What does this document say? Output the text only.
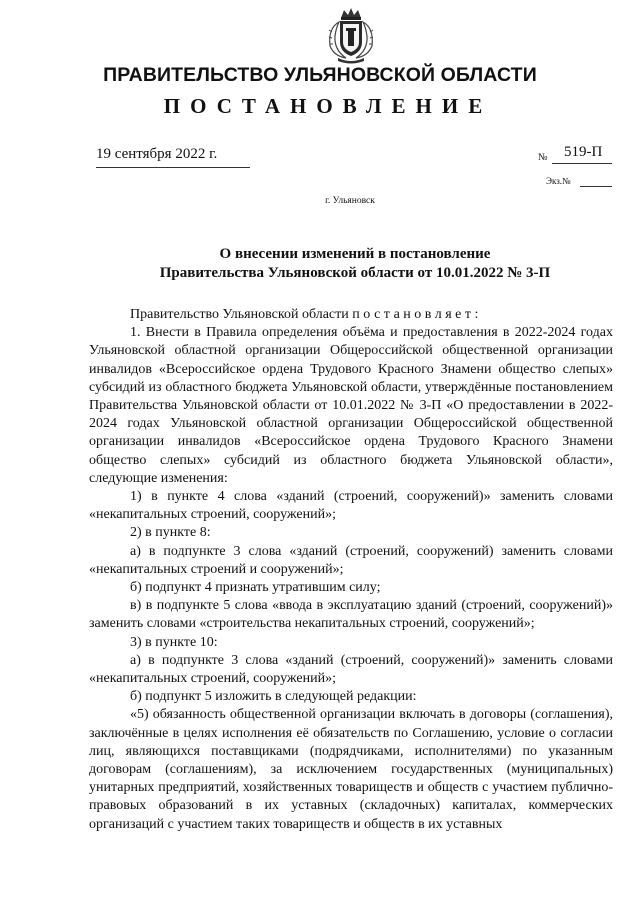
ПРАВИТЕЛЬСТВО УЛЬЯНОВСКОЙ ОБЛАСТИ
ПОСТАНОВЛЕНИЕ
19 сентября 2022 г.	№ 519-П
Экз.№
г. Ульяновск
О внесении изменений в постановление
Правительства Ульяновской области от 10.01.2022 № 3-П

Правительство Ульяновской области постановляет:

1. Внести в Правила определения объёма и предоставления в 2022-2024 годах Ульяновской областной организации Общероссийской общественной организации инвалидов «Всероссийское ордена Трудового Красного Знамени общество слепых» субсидий из областного бюджета Ульяновской области, утверждённые постановлением Правительства Ульяновской области от 10.01.2022 № 3-П «О предоставлении в 2022-2024 годах Ульяновской областной организации Общероссийской общественной организации инвалидов «Всероссийское ордена Трудового Красного Знамени общество слепых» субсидий из областного бюджета Ульяновской области», следующие изменения:

1) в пункте 4 слова «зданий (строений, сооружений)» заменить словами «некапитальных строений, сооружений»;

2) в пункте 8:

а) в подпункте 3 слова «зданий (строений, сооружений) заменить словами «некапитальных строений и сооружений»;

б) подпункт 4 признать утратившим силу;

в) в подпункте 5 слова «ввода в эксплуатацию зданий (строений, сооружений)» заменить словами «строительства некапитальных строений, сооружений»;

3) в пункте 10:

а) в подпункте 3 слова «зданий (строений, сооружений)» заменить словами «некапитальных строений, сооружений»;

б) подпункт 5 изложить в следующей редакции:

«5) обязанность общественной организации включать в договоры (соглашения), заключённые в целях исполнения её обязательств по Соглашению, условие о согласии лиц, являющихся поставщиками (подрядчиками, исполнителями) по указанным договорам (соглашениям), за исключением государственных (муниципальных) унитарных предприятий, хозяйственных товариществ и обществ с участием публично-правовых образований в их уставных (складочных) капиталах, коммерческих организаций с участием таких товариществ и обществ в их уставных
